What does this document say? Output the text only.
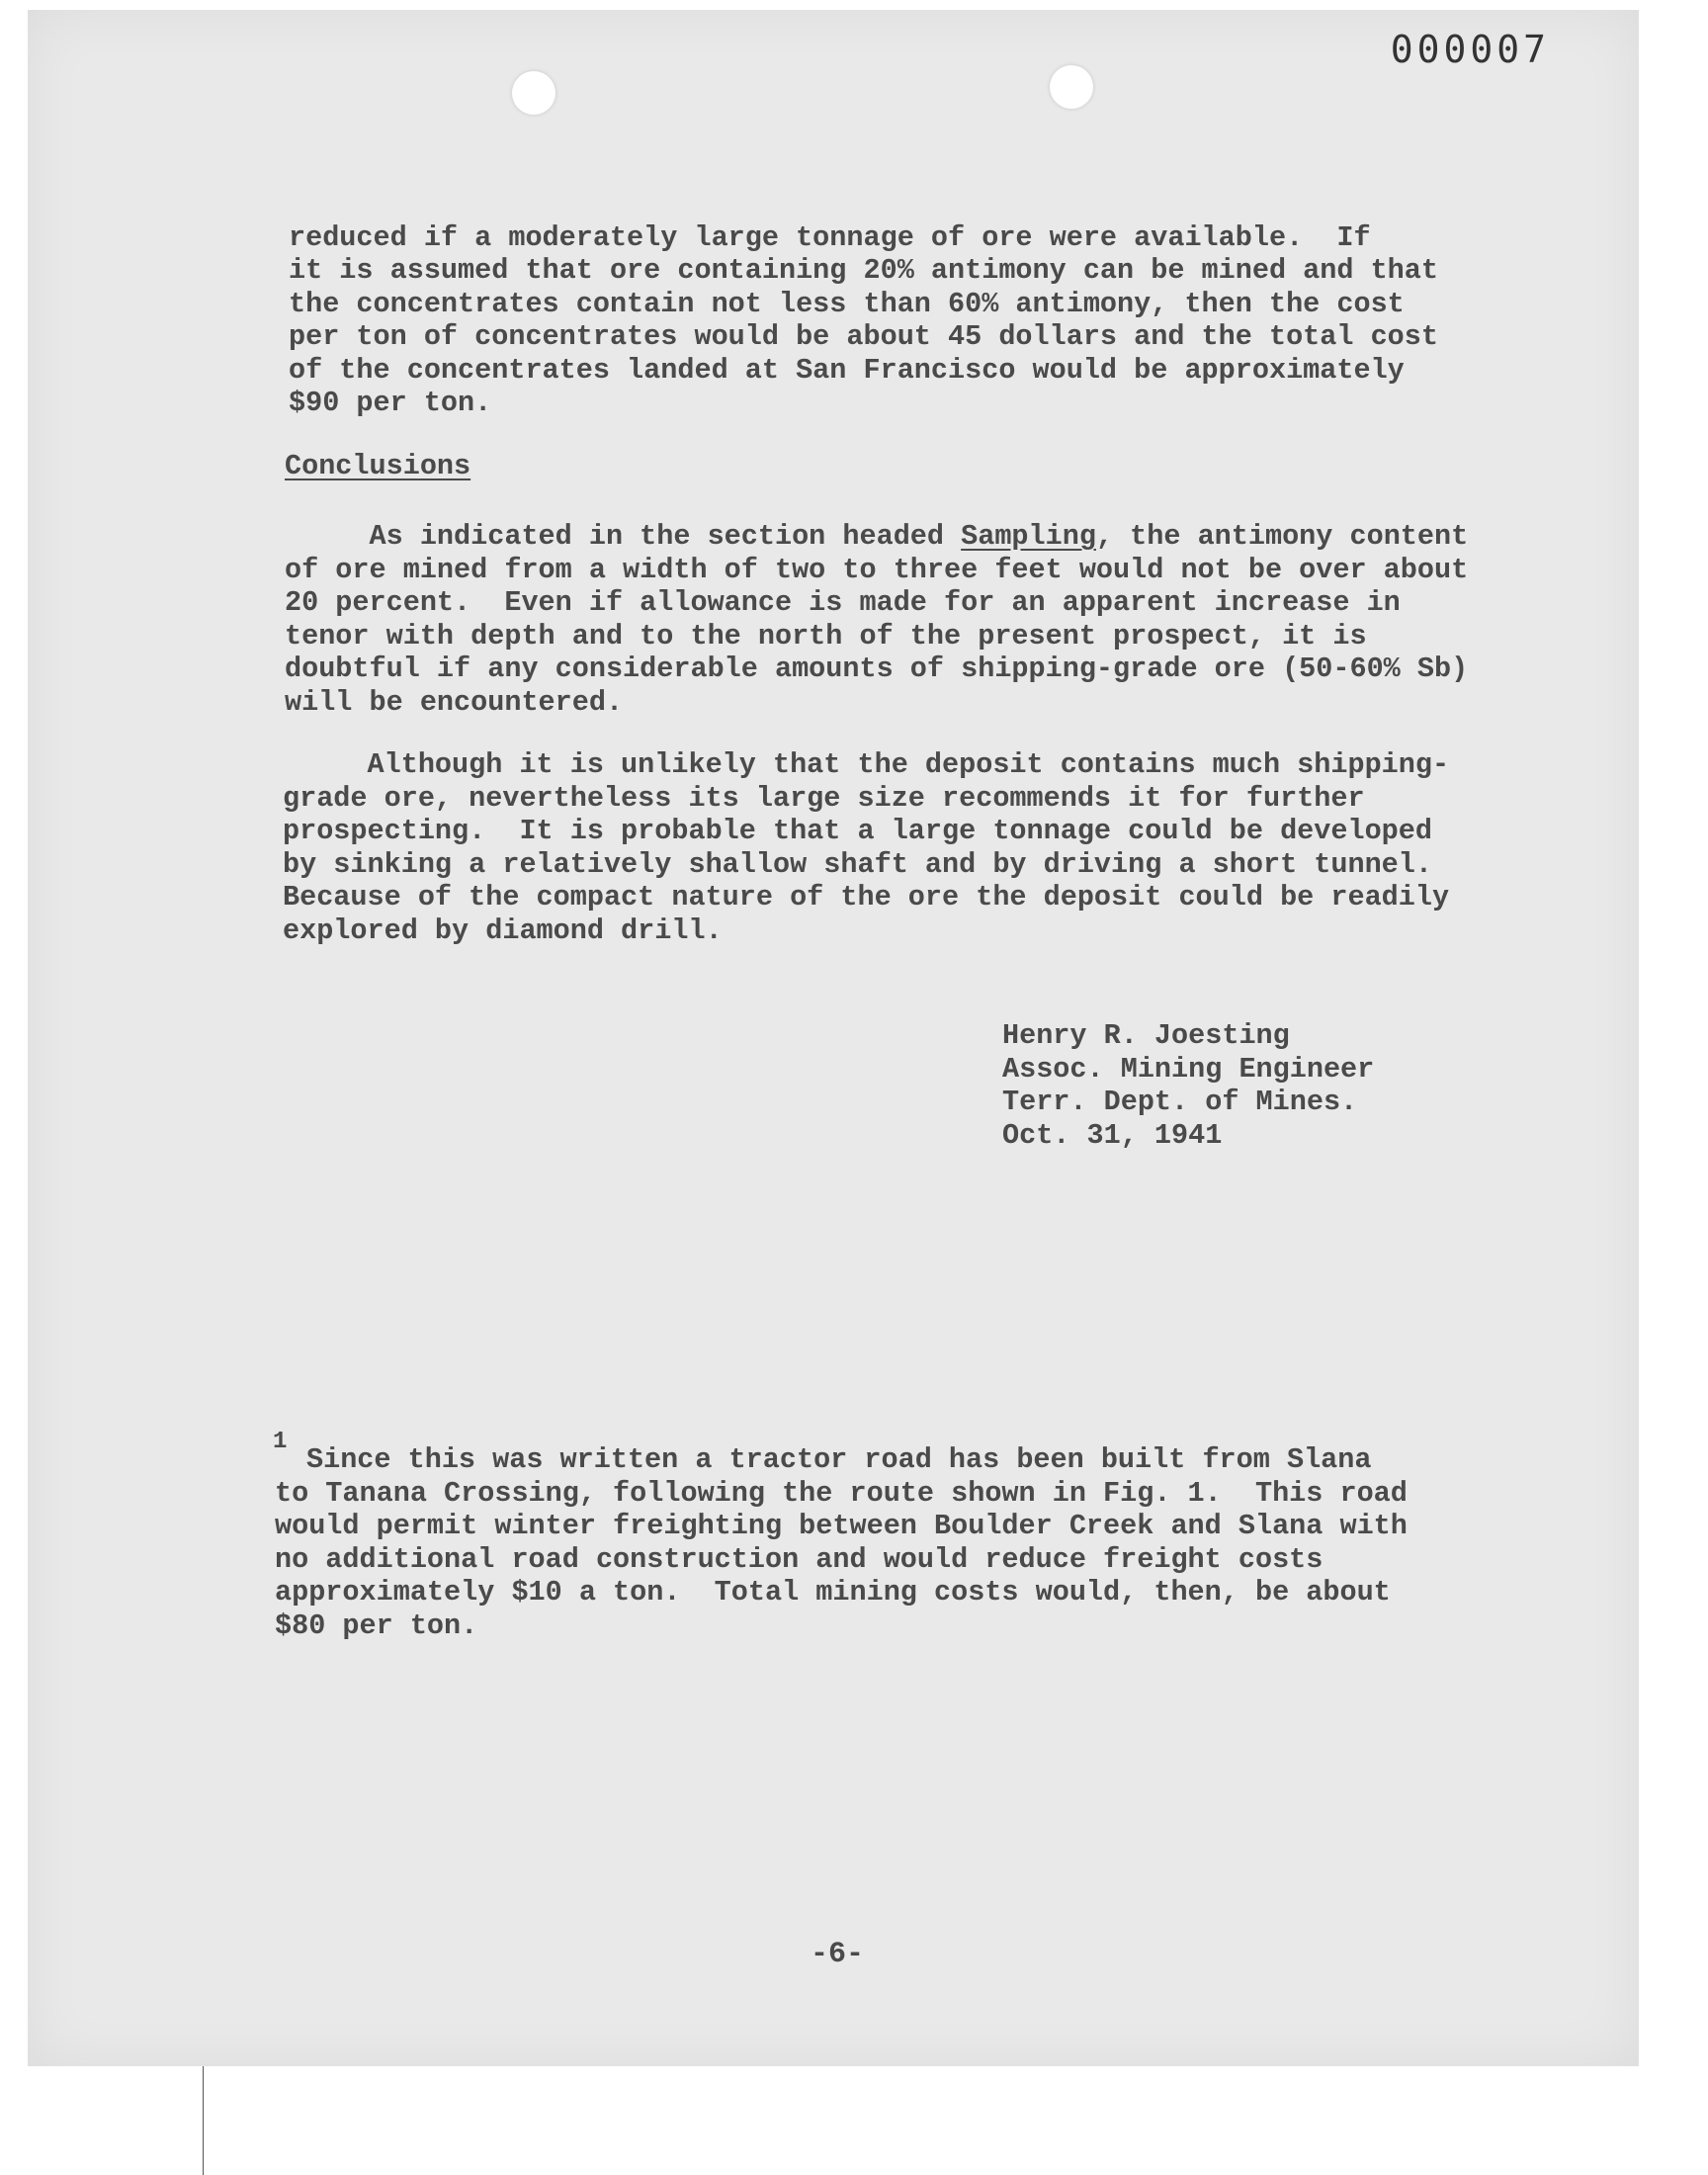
000007

reduced if a moderately large tonnage of ore were available.  If

it is assumed that ore containing 20% antimony can be mined and that

the concentrates contain not less than 60% antimony, then the cost

per ton of concentrates would be about 45 dollars and the total cost

of the concentrates landed at San Francisco would be approximately

$90 per ton.

Conclusions

As indicated in the section headed Sampling, the antimony content

of ore mined from a width of two to three feet would not be over about

20 percent.  Even if allowance is made for an apparent increase in

tenor with depth and to the north of the present prospect, it is

doubtful if any considerable amounts of shipping-grade ore (50-60% Sb)

will be encountered.

Although it is unlikely that the deposit contains much shipping-

grade ore, nevertheless its large size recommends it for further

prospecting.  It is probable that a large tonnage could be developed

by sinking a relatively shallow shaft and by driving a short tunnel.

Because of the compact nature of the ore the deposit could be readily

explored by diamond drill.

Henry R. Joesting

Assoc. Mining Engineer

Terr. Dept. of Mines.

Oct. 31, 1941

1

Since this was written a tractor road has been built from Slana

to Tanana Crossing, following the route shown in Fig. 1.  This road

would permit winter freighting between Boulder Creek and Slana with

no additional road construction and would reduce freight costs

approximately $10 a ton.  Total mining costs would, then, be about

$80 per ton.

-6-
